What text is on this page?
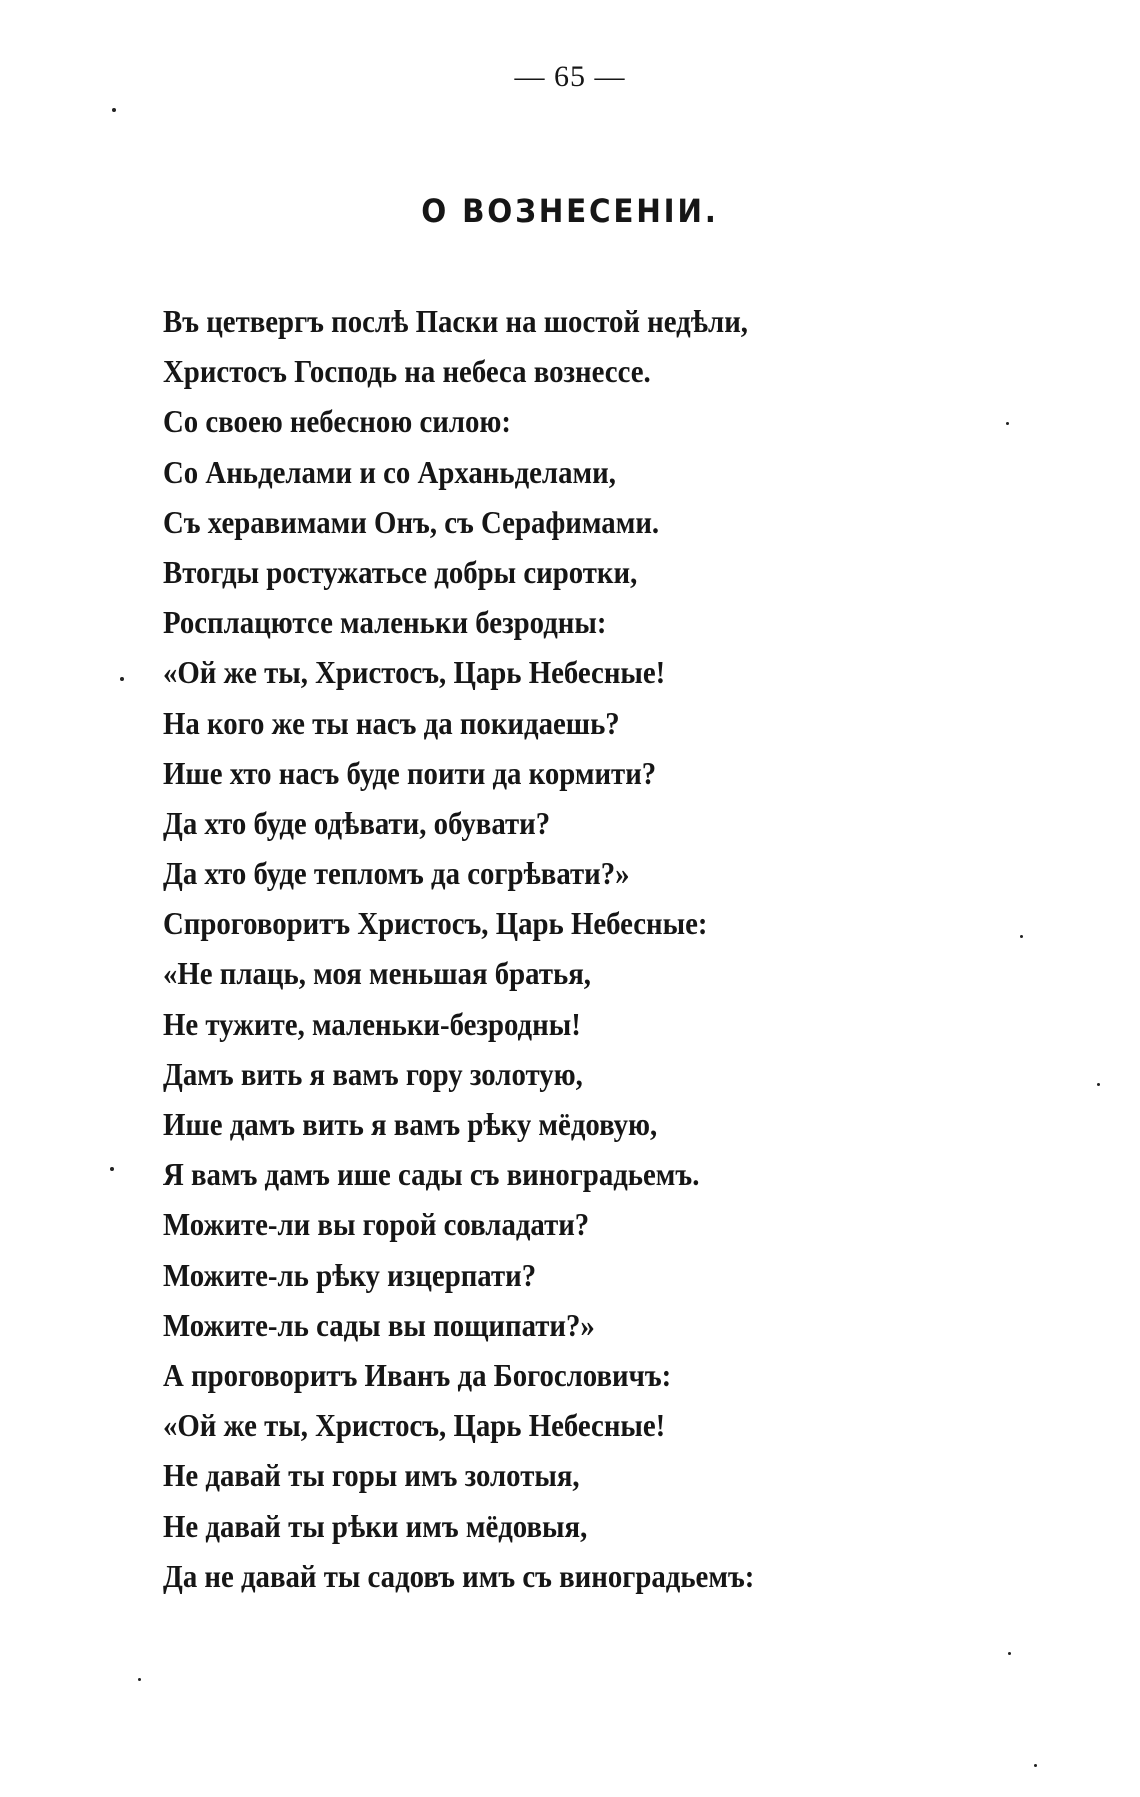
— 65 —
О ВОЗНЕСЕНІИ.
Въ цетвергъ послѣ Паски на шостой недѣли,
Христосъ Господь на небеса вознессе.
Со своею небесною силою:
Со Аньделами и со Арханьделами,
Съ херавимами Онъ, съ Серафимами.
Втогды ростужатьсе добры сиротки,
Росплацютсе маленьки безродны:
«Ой же ты, Христосъ, Царь Небесные!
На кого же ты насъ да покидаешь?
Ише хто насъ буде поити да кормити?
Да хто буде одѣвати, обувати?
Да хто буде тепломъ да согрѣвати?»
Спроговоритъ Христосъ, Царь Небесные:
«Не плаць, моя меньшая братья,
Не тужите, маленьки-безродны!
Дамъ вить я вамъ гору золотую,
Ише дамъ вить я вамъ рѣку мёдовую,
Я вамъ дамъ ише сады съ виноградьемъ.
Можите-ли вы горой совладати?
Можите-ль рѣку изцерпати?
Можите-ль сады вы пощипати?»
А проговоритъ Иванъ да Богословичъ:
«Ой же ты, Христосъ, Царь Небесные!
Не давай ты горы имъ золотыя,
Не давай ты рѣки имъ мёдовыя,
Да не давай ты садовъ имъ съ виноградьемъ:
